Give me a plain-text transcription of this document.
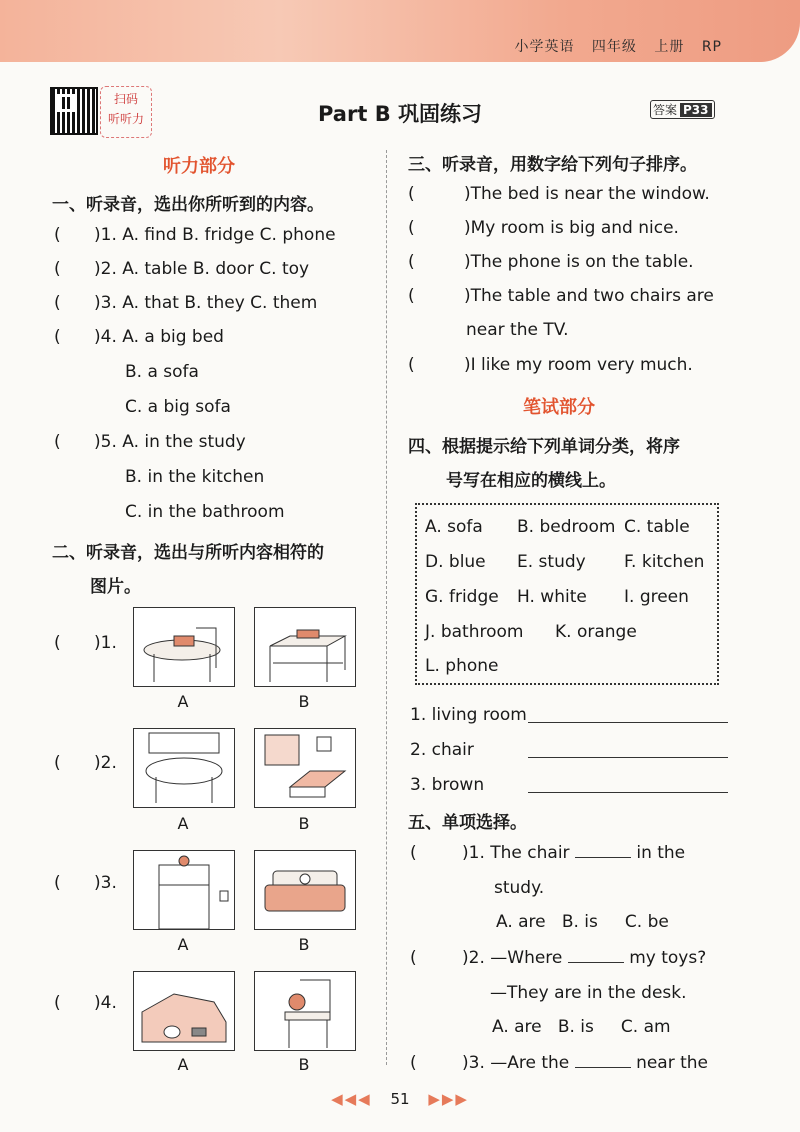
小学英语 四年级 上册 RP
扫码
听听力	Part B 巩固练习	答案 P33
听力部分
一、听录音，选出你所听到的内容。
( )1. A. find B. fridge C. phone
( )2. A. table B. door C. toy
( )3. A. that B. they C. them
( )4. A. a big bed
B. a sofa
C. a big sofa
( )5. A. in the study
B. in the kitchen
C. in the bathroom
二、听录音，选出与所听内容相符的
图片。
( )1.
A	B
( )2.
A	B
( )3.
A	B
( )4.
A	B
三、听录音，用数字给下列句子排序。
(	)The bed is near the window.
(	)My room is big and nice.
(	)The phone is on the table.
(	)The table and two chairs are
near the TV.
(	)I like my room very much.
笔试部分
四、根据提示给下列单词分类，将序
号写在相应的横线上。
A. sofa B. bedroom C. table
D. blue E. study F. kitchen
G. fridge H. white I. green
J. bathroom K. orange
L. phone
1. living room
2. chair
3. brown
五、单项选择。
(	)1. The chair	in the
study.
A. are   B. is     C. be
(	)2. —Where	my toys?
—They are in the desk.
A. are   B. is     C. am
(	)3. —Are the	near the
◀◀◀ 51 ▶▶▶
